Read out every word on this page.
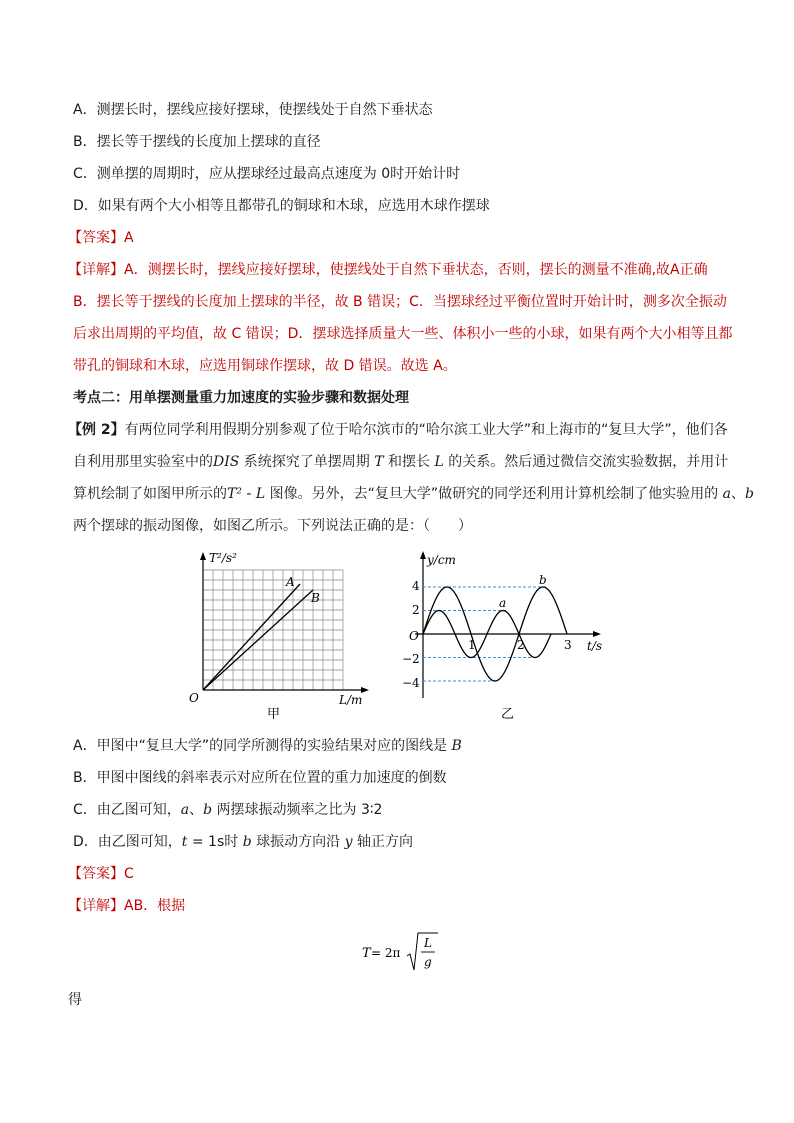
A．测摆长时，摆线应接好摆球，使摆线处于自然下垂状态
B．摆长等于摆线的长度加上摆球的直径
C．测单摆的周期时，应从摆球经过最高点速度为 0时开始计时
D．如果有两个大小相等且都带孔的铜球和木球，应选用木球作摆球
【答案】A
【详解】A．测摆长时，摆线应接好摆球，使摆线处于自然下垂状态，否则，摆长的测量不准确,故A正确
B．摆长等于摆线的长度加上摆球的半径，故 B 错误；C．当摆球经过平衡位置时开始计时，测多次全振动
后求出周期的平均值，故 C 错误；D．摆球选择质量大一些、体积小一些的小球，如果有两个大小相等且都
带孔的铜球和木球，应选用铜球作摆球，故 D 错误。故选 A。
考点二：用单摆测量重力加速度的实验步骤和数据处理
【例 2】有两位同学利用假期分别参观了位于哈尔滨市的“哈尔滨工业大学”和上海市的“复旦大学”，他们各
自利用那里实验室中的DIS 系统探究了单摆周期 T 和摆长 L 的关系。然后通过微信交流实验数据，并用计
算机绘制了如图甲所示的T² - L 图像。另外，去“复旦大学”做研究的同学还利用计算机绘制了他实验用的 a、b
两个摆球的振动图像，如图乙所示。下列说法正确的是：（　　）
T²/s²
L/m
O
A
B
甲
y/cm
t/s
O
4
2
−2
−4
1	2	3
a
b
乙
A．甲图中“复旦大学”的同学所测得的实验结果对应的图线是 B
B．甲图中图线的斜率表示对应所在位置的重力加速度的倒数
C．由乙图可知，a、b 两摆球振动频率之比为 3∶2
D．由乙图可知，t = 1s时 b 球振动方向沿 y 轴正方向
【答案】C
【详解】AB．根据
T = 2π
L
g
得
